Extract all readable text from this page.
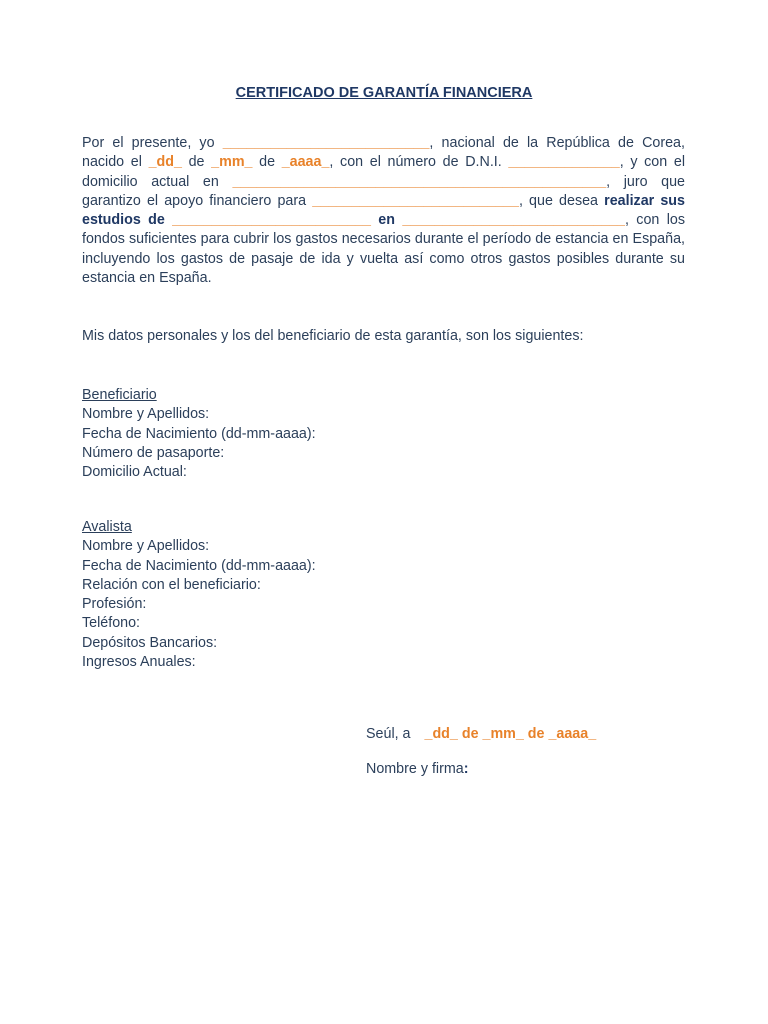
CERTIFICADO DE GARANTÍA FINANCIERA
Por el presente, yo __________________________, nacional de la República de Corea, nacido el _dd_ de _mm_ de _aaaa_, con el número de D.N.I. ______________, y con el domicilio actual en _______________________________________________, juro que garantizo el apoyo financiero para __________________________, que desea realizar sus estudios de _________________________ en ____________________________, con los fondos suficientes para cubrir los gastos necesarios durante el período de estancia en España, incluyendo los gastos de pasaje de ida y vuelta así como otros gastos posibles durante su estancia en España.
Mis datos personales y los del beneficiario de esta garantía, son los siguientes:
Beneficiario
Nombre y Apellidos:
Fecha de Nacimiento (dd-mm-aaaa):
Número de pasaporte:
Domicilio Actual:
Avalista
Nombre y Apellidos:
Fecha de Nacimiento (dd-mm-aaaa):
Relación con el beneficiario:
Profesión:
Teléfono:
Depósitos Bancarios:
Ingresos Anuales:
Seúl, a _dd_ de _mm_ de _aaaa_
Nombre y firma:
